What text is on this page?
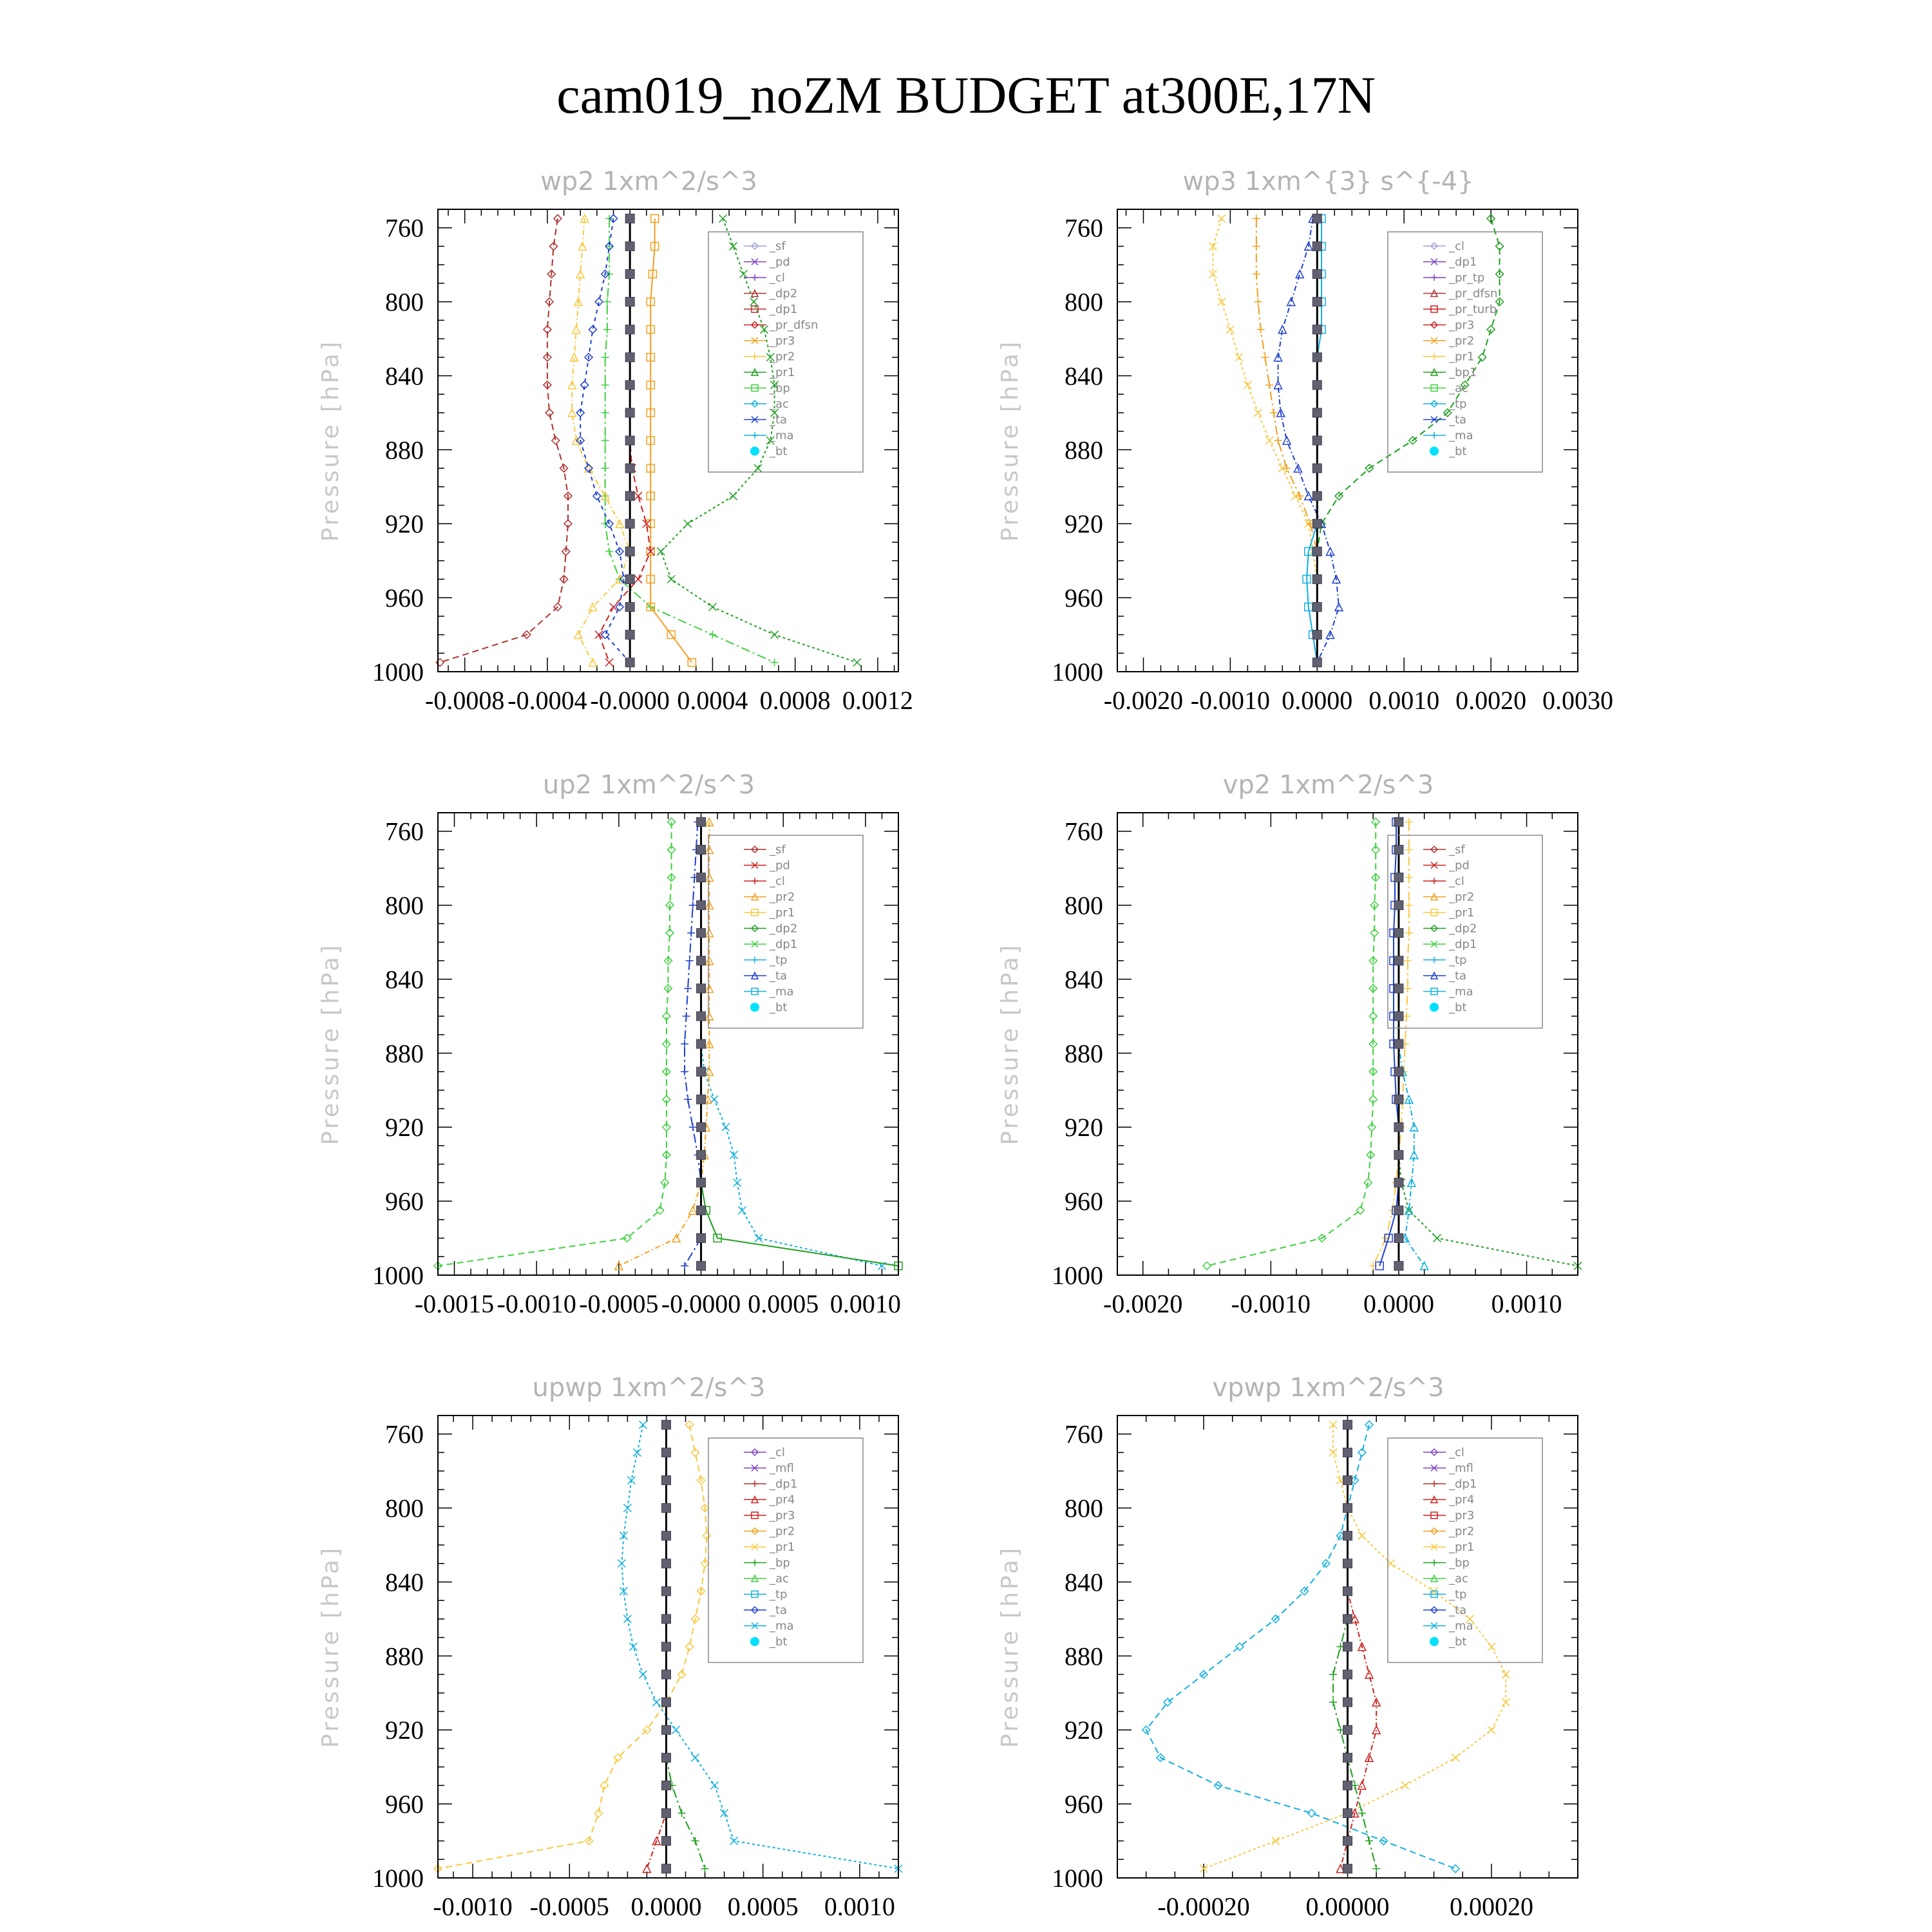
cam019_noZM BUDGET at300E,17N
wp2 1xm^2/s^3
Pressure [hPa]
760
800
840
880
920
960
1000
-0.0008 -0.0004 -0.0000 0.0004 0.0008 0.0012
_sf
_pd
_cl
_dp2
_dp1
_pr_dfsn
_pr3
_pr2
_pr1
_bp
_ac
_ta
_ma
_bt
wp3 1xm^{3} s^{-4}
Pressure [hPa]
760
800
840
880
920
960
1000
-0.0020 -0.0010 0.0000 0.0010 0.0020 0.0030
_cl
_dp1
_pr_tp
_pr_dfsn
_pr_turb
_pr3
_pr2
_pr1
_bp1
_ac
_tp
_ta
_ma
_bt
up2 1xm^2/s^3
Pressure [hPa]
760
800
840
880
920
960
1000
-0.0015 -0.0010 -0.0005 -0.0000 0.0005 0.0010
_sf
_pd
_cl
_pr2
_pr1
_dp2
_dp1
_tp
_ta
_ma
_bt
vp2 1xm^2/s^3
Pressure [hPa]
760
800
840
880
920
960
1000
-0.0020 -0.0010 0.0000 0.0010
_sf
_pd
_cl
_pr2
_pr1
_dp2
_dp1
_tp
_ta
_ma
_bt
upwp 1xm^2/s^3
Pressure [hPa]
760
800
840
880
920
960
1000
-0.0010 -0.0005 0.0000 0.0005 0.0010
_cl
_mfl
_dp1
_pr4
_pr3
_pr2
_pr1
_bp
_ac
_tp
_ta
_ma
_bt
vpwp 1xm^2/s^3
Pressure [hPa]
760
800
840
880
920
960
1000
-0.00020 0.00000 0.00020
_cl
_mfl
_dp1
_pr4
_pr3
_pr2
_pr1
_bp
_ac
_tp
_ta
_ma
_bt
